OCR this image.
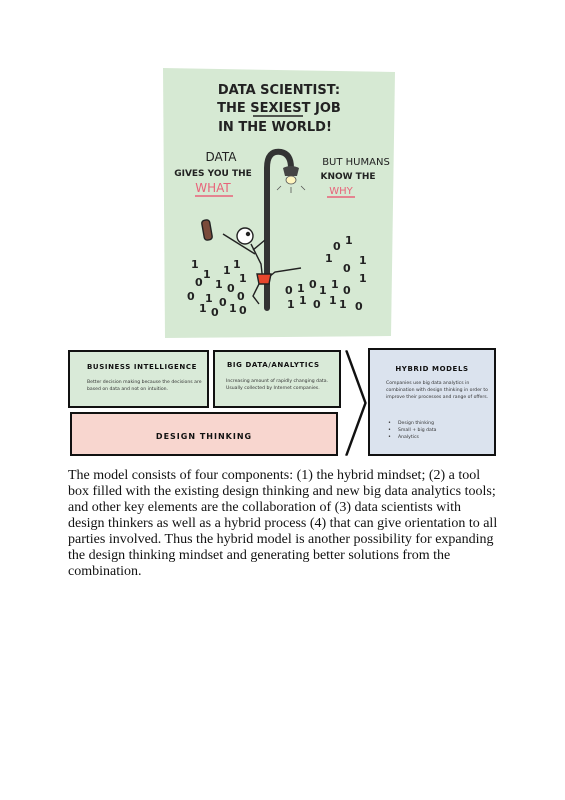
DATA SCIENTIST:
THE SEXIEST JOB
IN THE WORLD!
DATA
GIVES YOU THE
WHAT
BUT HUMANS
KNOW THE
WHY
1
1 1 1
0 1 0
1
0 1 0 0
1 0 1 0
0 1
1
0
1
0 1 0 1 1 0
1
1 1 0 1 1 0
BUSINESS INTELLIGENCE
Better decision making because the decisions are based on data and not on intuition.
BIG DATA/ANALYTICS
Increasing amount of rapidly changing data. Usually collected by Internet companies.
DESIGN THINKING
HYBRID MODELS
Companies use big data analytics in combination with design thinking in order to improve their processes and range of offers.
• Design thinking
• Small + big data
• Analytics

The model consists of four components: (1) the hybrid mindset; (2) a tool box filled with the existing design thinking and new big data analytics tools; and other key elements are the collaboration of (3) data scientists with design thinkers as well as a hybrid process (4) that can give orientation to all parties involved. Thus the hybrid model is another possibility for expanding the design thinking mindset and generating better solutions from the combination.
